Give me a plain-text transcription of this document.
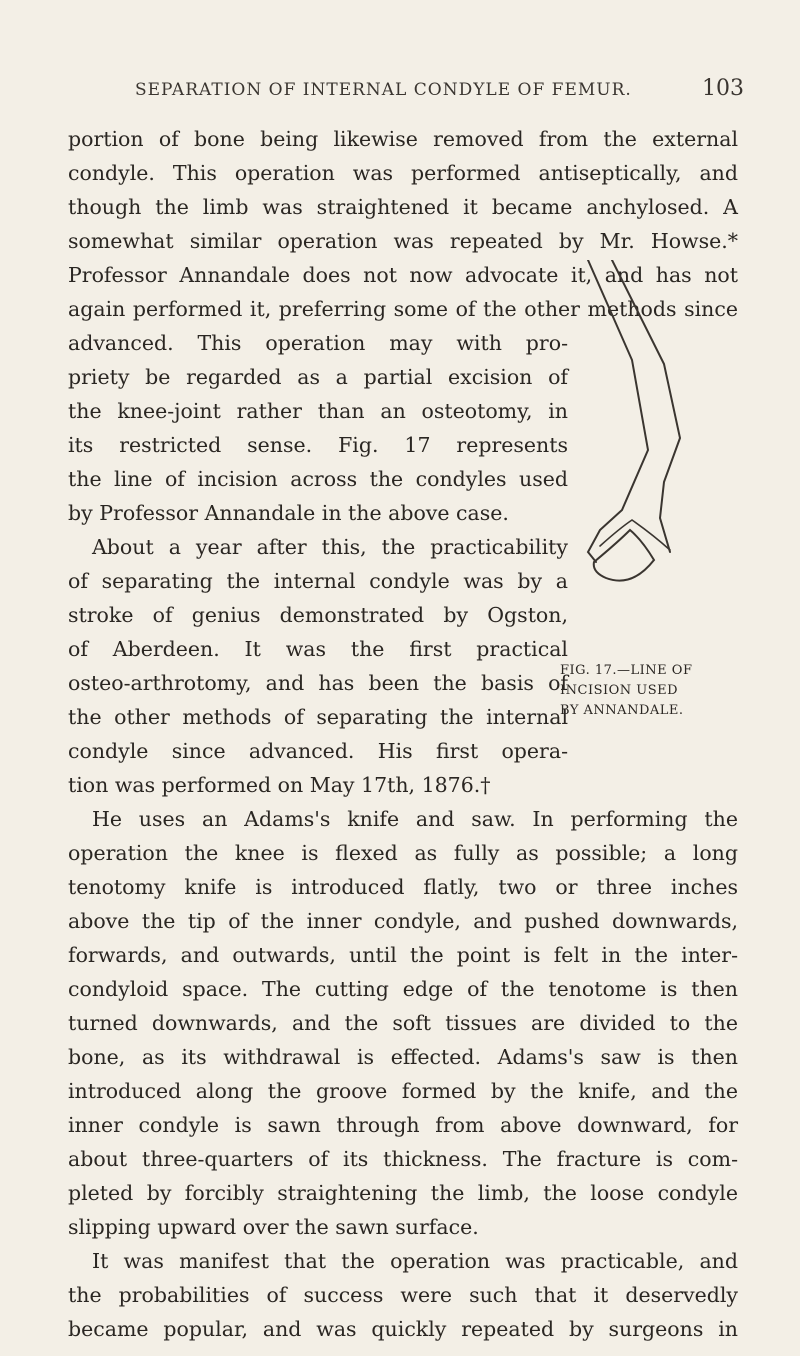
SEPARATION OF INTERNAL CONDYLE OF FEMUR.	103
portion of bone being likewise removed from the external
condyle. This operation was performed antiseptically, and
though the limb was straightened it became anchylosed. A
somewhat similar operation was repeated by Mr. Howse.*
Professor Annandale does not now advocate it, and has not
again performed it, preferring some of the other methods since
advanced. This operation may with pro-
priety be regarded as a partial excision of
the knee-joint rather than an osteotomy, in
its restricted sense. Fig. 17 represents
the line of incision across the condyles used
by Professor Annandale in the above case.
About a year after this, the practicability
of separating the internal condyle was by a
stroke of genius demonstrated by Ogston,
of Aberdeen. It was the first practical
osteo-arthrotomy, and has been the basis of
the other methods of separating the internal
condyle since advanced. His first opera-
tion was performed on May 17th, 1876.†
He uses an Adams's knife and saw. In performing the
operation the knee is flexed as fully as possible; a long
tenotomy knife is introduced flatly, two or three inches
above the tip of the inner condyle, and pushed downwards,
forwards, and outwards, until the point is felt in the inter-
condyloid space. The cutting edge of the tenotome is then
turned downwards, and the soft tissues are divided to the
bone, as its withdrawal is effected. Adams's saw is then
introduced along the groove formed by the knife, and the
inner condyle is sawn through from above downward, for
about three-quarters of its thickness. The fracture is com-
pleted by forcibly straightening the limb, the loose condyle
slipping upward over the sawn surface.
It was manifest that the operation was practicable, and
the probabilities of success were such that it deservedly
became popular, and was quickly repeated by surgeons in
FIG. 17.—LINE OF
INCISION USED
BY ANNANDALE.
